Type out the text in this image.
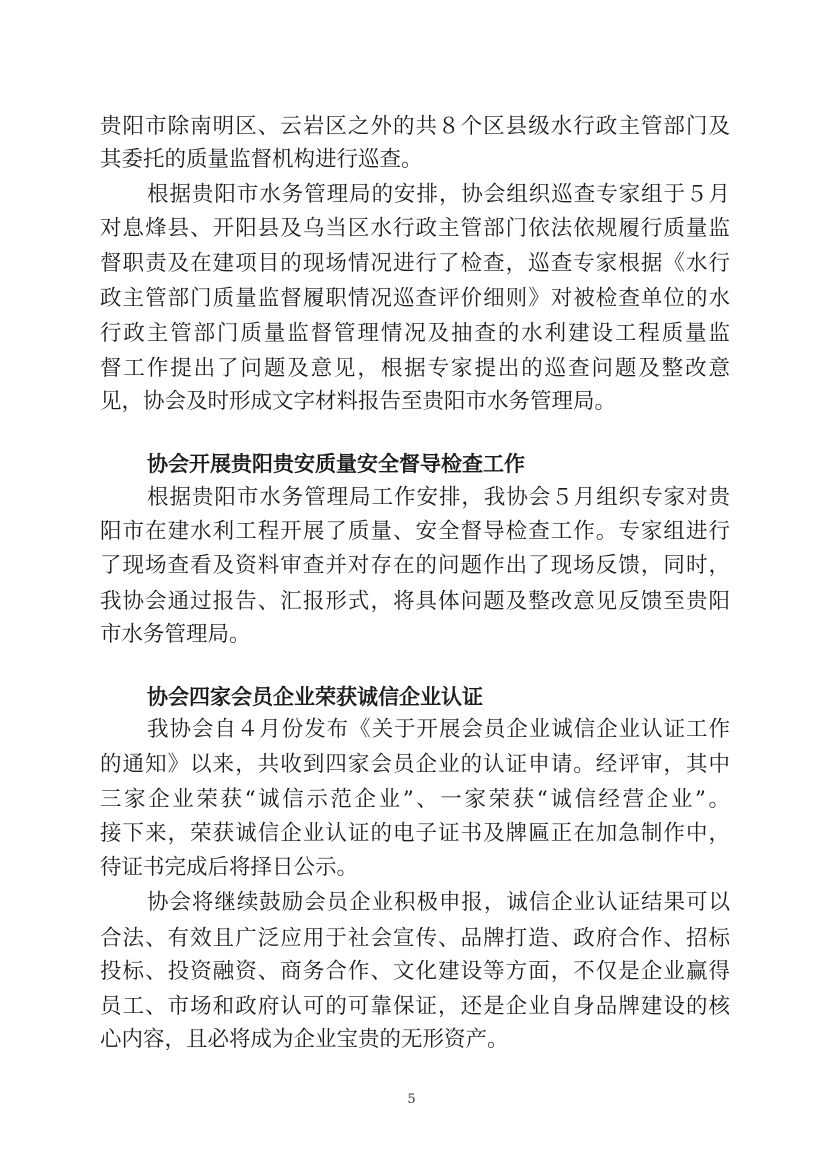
贵阳市除南明区、云岩区之外的共８个区县级水行政主管部门及
其委托的质量监督机构进行巡查。
根据贵阳市水务管理局的安排，协会组织巡查专家组于５月
对息烽县、开阳县及乌当区水行政主管部门依法依规履行质量监
督职责及在建项目的现场情况进行了检查，巡查专家根据《水行
政主管部门质量监督履职情况巡查评价细则》对被检查单位的水
行政主管部门质量监督管理情况及抽查的水利建设工程质量监
督工作提出了问题及意见，根据专家提出的巡查问题及整改意
见，协会及时形成文字材料报告至贵阳市水务管理局。
协会开展贵阳贵安质量安全督导检查工作
根据贵阳市水务管理局工作安排，我协会５月组织专家对贵
阳市在建水利工程开展了质量、安全督导检查工作。专家组进行
了现场查看及资料审查并对存在的问题作出了现场反馈，同时，
我协会通过报告、汇报形式，将具体问题及整改意见反馈至贵阳
市水务管理局。
协会四家会员企业荣获诚信企业认证
我协会自４月份发布《关于开展会员企业诚信企业认证工作
的通知》以来，共收到四家会员企业的认证申请。经评审，其中
三家企业荣获“诚信示范企业”、一家荣获“诚信经营企业”。
接下来，荣获诚信企业认证的电子证书及牌匾正在加急制作中，
待证书完成后将择日公示。
协会将继续鼓励会员企业积极申报，诚信企业认证结果可以
合法、有效且广泛应用于社会宣传、品牌打造、政府合作、招标
投标、投资融资、商务合作、文化建设等方面，不仅是企业赢得
员工、市场和政府认可的可靠保证，还是企业自身品牌建设的核
心内容，且必将成为企业宝贵的无形资产。
5
